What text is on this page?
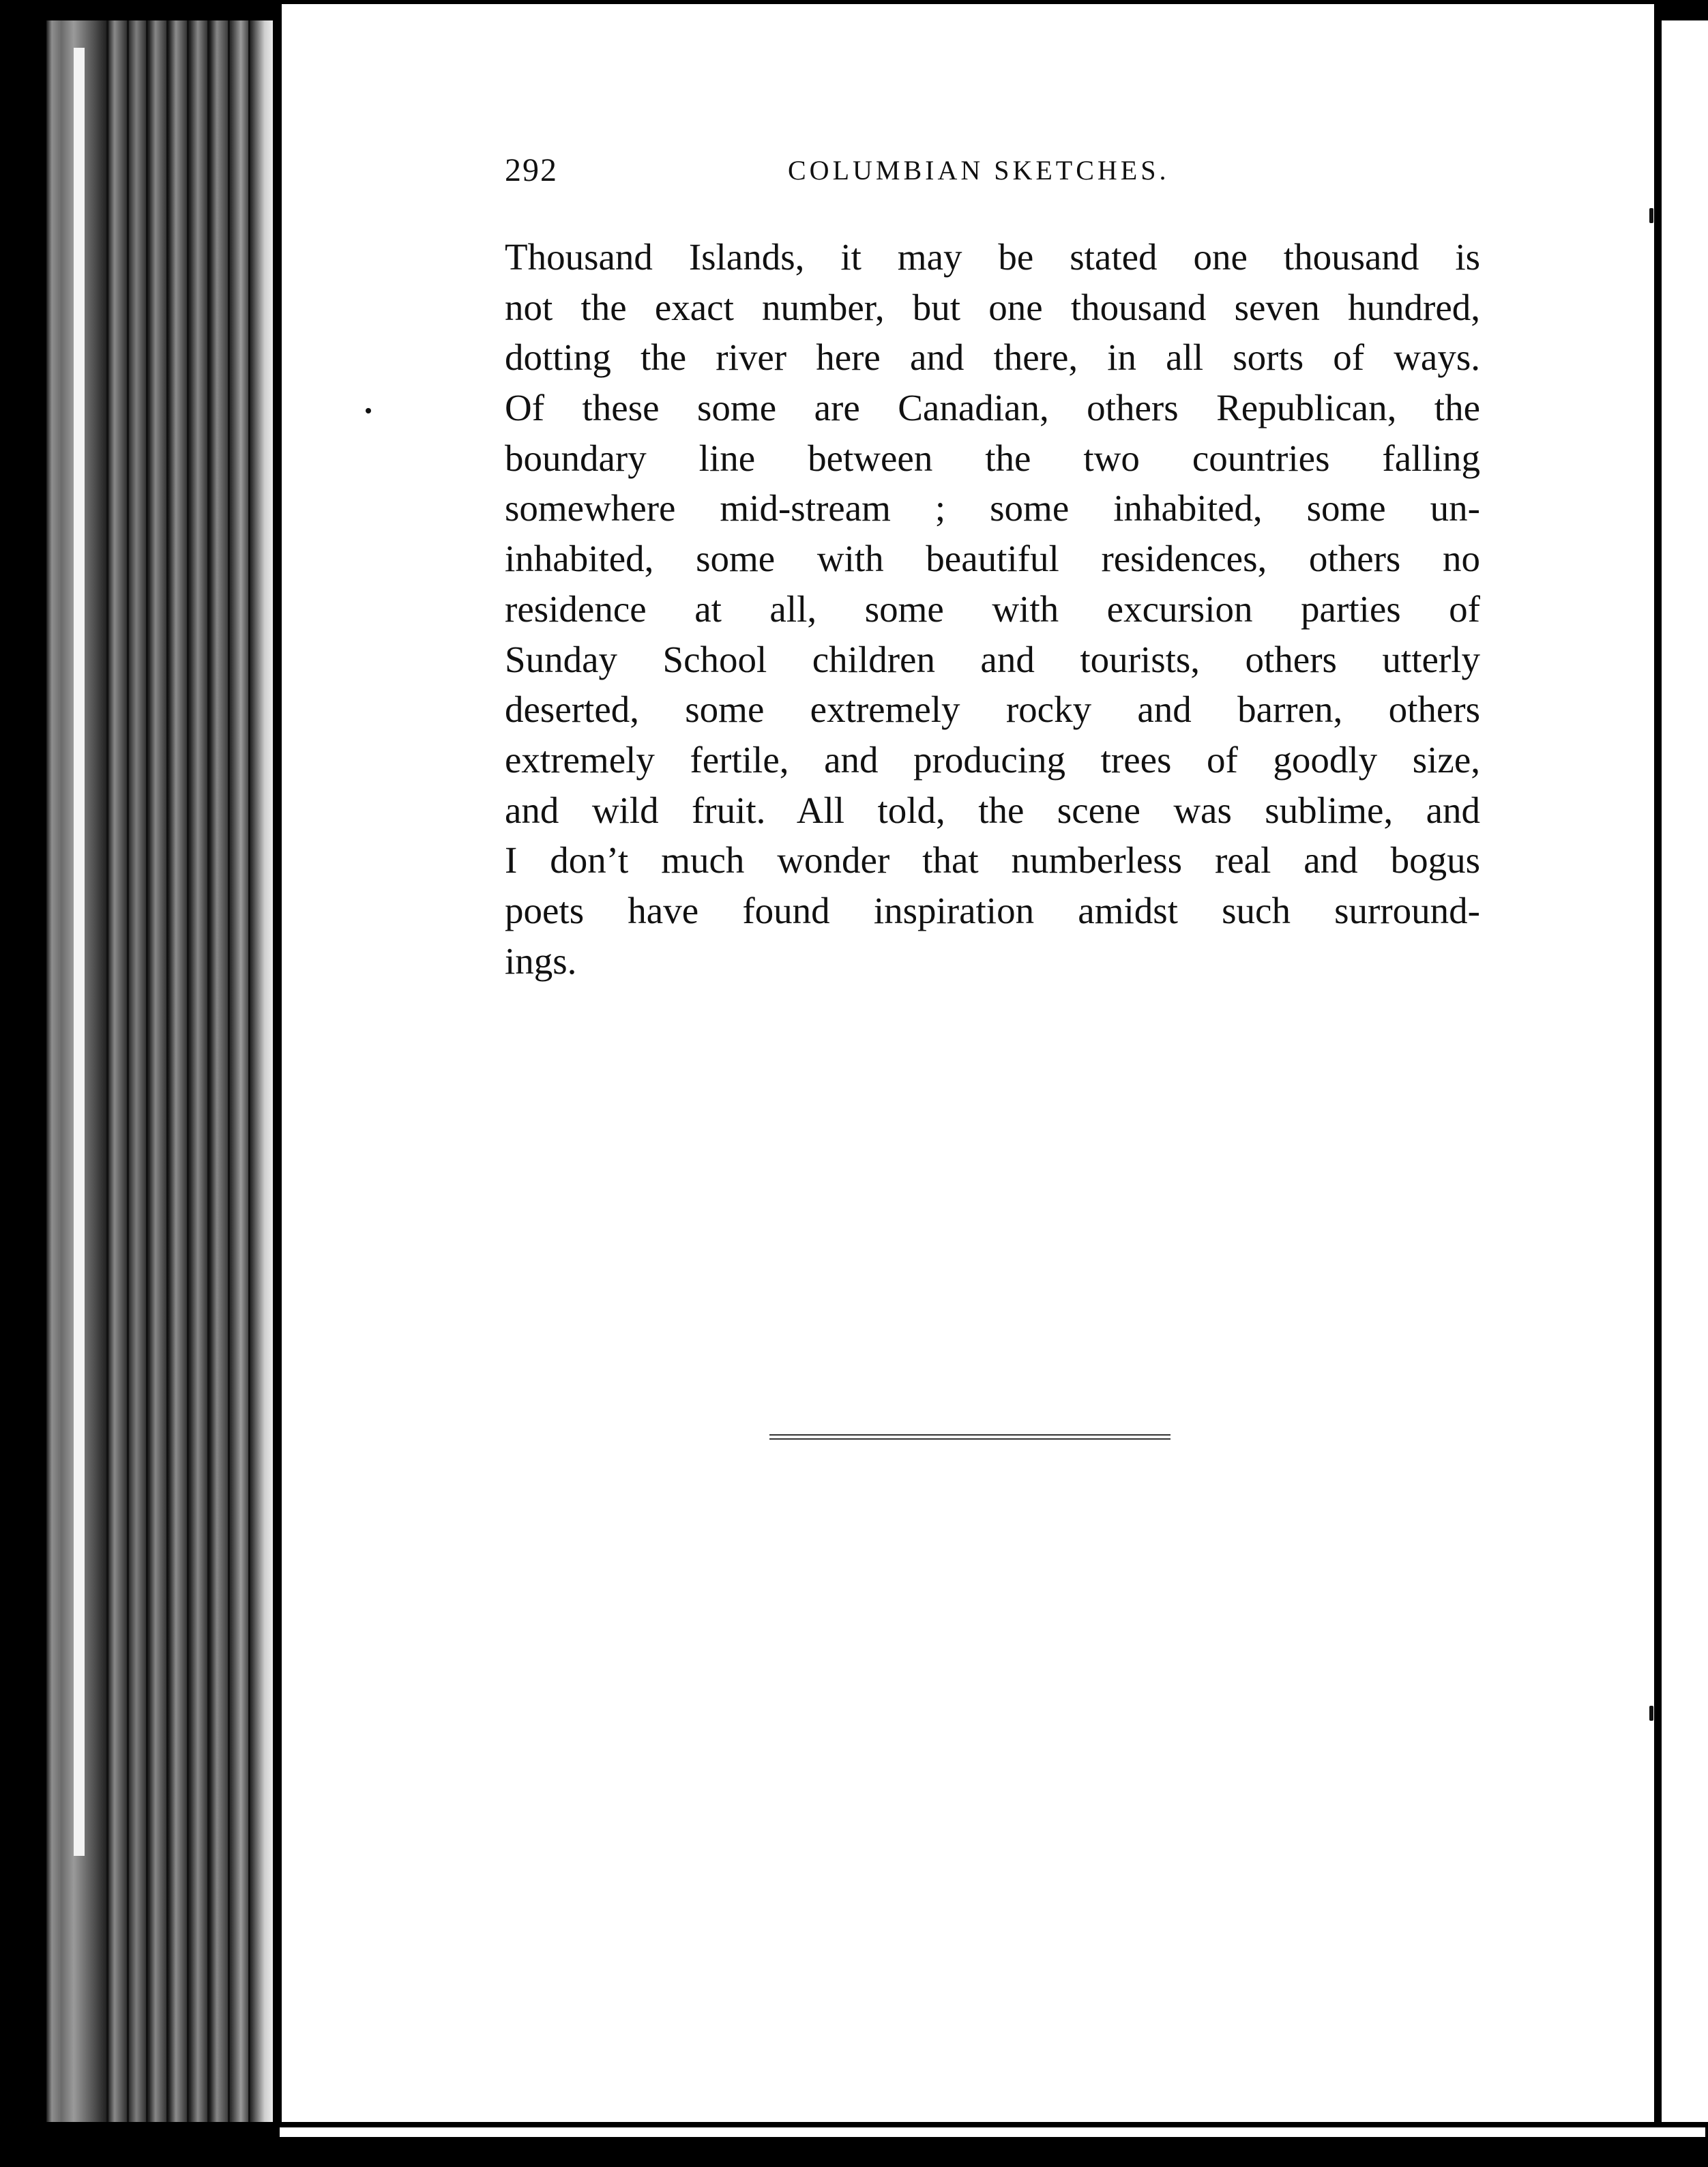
292	COLUMBIAN SKETCHES.
Thousand Islands, it may be stated one thousand is
not the exact number, but one thousand seven hundred,
dotting the river here and there, in all sorts of ways.
Of these some are Canadian, others Republican, the
boundary line between the two countries falling
somewhere mid-stream ; some inhabited, some un-
inhabited, some with beautiful residences, others no
residence at all, some with excursion parties of
Sunday School children and tourists, others utterly
deserted, some extremely rocky and barren, others
extremely fertile, and producing trees of goodly size,
and wild fruit. All told, the scene was sublime, and
I don’t much wonder that numberless real and bogus
poets have found inspiration amidst such surround-
ings.
